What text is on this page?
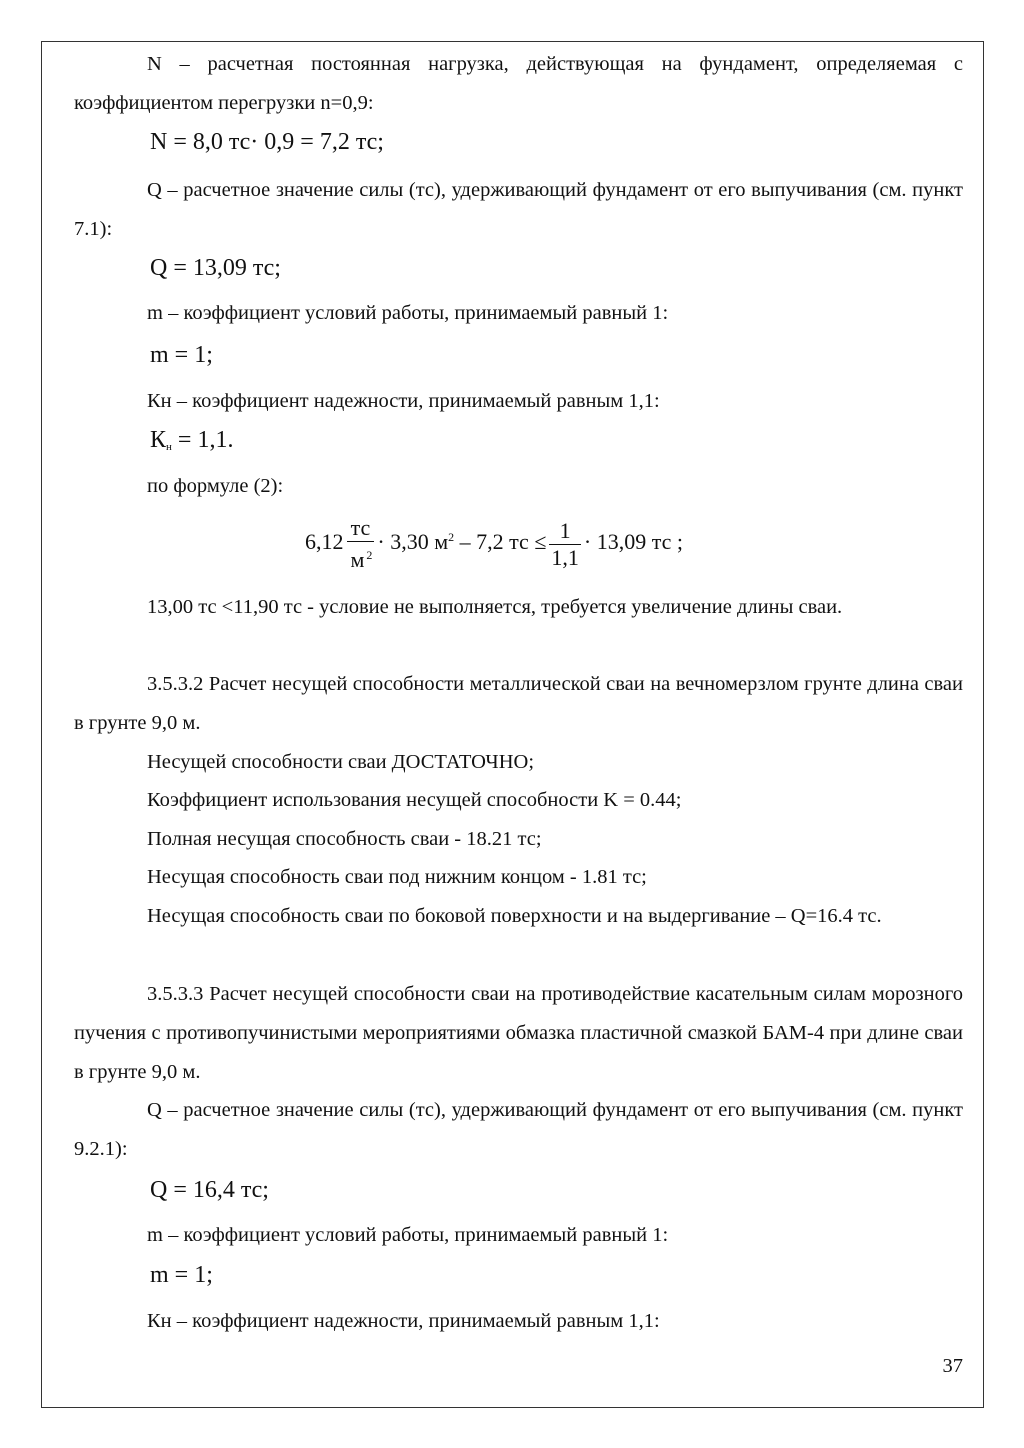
N – расчетная постоянная нагрузка, действующая на фундамент, определяемая с коэффициентом перегрузки n=0,9:
N = 8,0 тс· 0,9 = 7,2 тс;
Q – расчетное значение силы (тс), удерживающий фундамент от его выпучивания (см. пункт 7.1):
Q = 13,09 тс;
m – коэффициент условий работы, принимаемый равный 1:
m = 1;
Кн – коэффициент надежности, принимаемый равным 1,1:
$К_н = 1,1$.
по формуле (2):
$6,12 \frac{тс}{м ^2} \cdot 3,30$ $м^2 - 7,2$ тс ≤ $\frac{1}{1,1} \cdot 13,09$ тс ;
13,00 тс <11,90 тс - условие не выполняется, требуется увеличение длины сваи.
3.5.3.2 Расчет несущей способности металлической сваи на вечномерзлом грунте длина сваи в грунте 9,0 м.
Несущей способности сваи ДОСТАТОЧНО;
Коэффициент использования несущей способности K = 0.44;
Полная несущая способность сваи - 18.21 тс;
Несущая способность сваи под нижним концом - 1.81 тс;
Несущая способность сваи по боковой поверхности и на выдергивание – Q=16.4 тс.
3.5.3.3 Расчет несущей способности сваи на противодействие касательным силам морозного пучения с противопучинистыми мероприятиями обмазка пластичной смазкой БАМ-4 при длине сваи в грунте 9,0 м.
Q – расчетное значение силы (тс), удерживающий фундамент от его выпучивания (см. пункт 9.2.1):
Q = 16,4 тс;
m – коэффициент условий работы, принимаемый равный 1:
m = 1;
Кн – коэффициент надежности, принимаемый равным 1,1:
37
